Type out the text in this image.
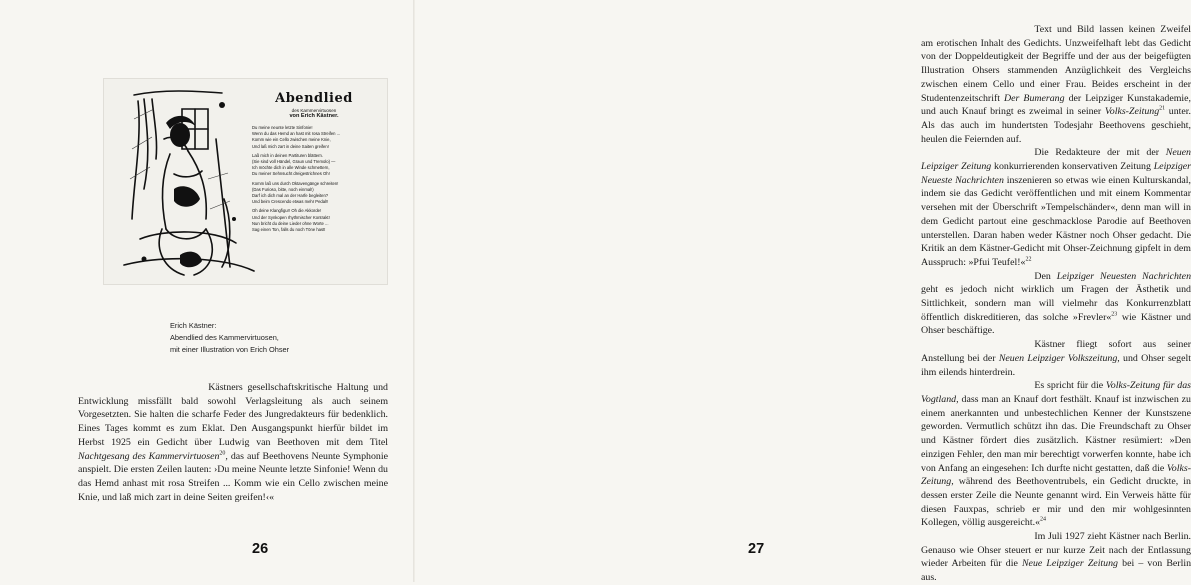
Abendlied
des Kammervirtuosen
von Erich Kästner.
Du meine neunte letzte Sinfonie!
Wenn du das Hemd an hast mit rosa Streifen ...
Komm wie ein Cello zwischen meine Knie,
Und laß mich zart in deine Saiten greifen!
Laß mich in deinen Partituren blättern.
(Sie sind voll Händel, Graun und Tremolo) —
Ich möchte dich in alle Winde schmettern,
Du meiner Sehnsucht dreigestrichnes Oh!
Komm laß uns durch Oktavengänge schreiten!
(Das Furioso, bitte, noch einmal!)
Darf ich dich mal an der Harfe begleiten?
Und beim Crescendo etwas mehr Pedal!!
Oh deine Klangfigur! Oh die Akkorde!
Und der Synkopen rhythmischer Kontrakt!
Nun bricht du deine Lieder ohne Worte ...
Sag einen Ton, falls du noch Töne hast!
Erich Kästner:
Abendlied des Kammervirtuosen,
mit einer Illustration von Erich Ohser

Kästners gesellschaftskritische Haltung und Entwicklung missfällt bald sowohl Verlagsleitung als auch seinem Vorgesetzten. Sie halten die scharfe Feder des Jungredakteurs für bedenklich. Eines Tages kommt es zum Eklat. Den Ausgangspunkt hierfür bildet im Herbst 1925 ein Gedicht über Ludwig van Beethoven mit dem Titel Nachtgesang des Kammervirtuosen$^{20}$, das auf Beethovens Neunte Symphonie anspielt. Die ersten Zeilen lauten: ›Du meine Neunte letzte Sinfonie! Wenn du das Hemd anhast mit rosa Streifen ... Komm wie ein Cello zwischen meine Knie, und laß mich zart in deine Seiten greifen!‹«

26

Text und Bild lassen keinen Zweifel am erotischen Inhalt des Gedichts. Unzweifelhaft lebt das Gedicht von der Doppeldeutigkeit der Begriffe und der aus der beigefügten Illustration Ohsers stammenden Anzüglichkeit des Vergleichs zwischen einem Cello und einer Frau. Beides erscheint in der Studentenzeitschrift Der Bumerang der Leipziger Kunstakademie, und auch Knauf bringt es zweimal in seiner Volks-Zeitung$^{21}$ unter. Als das auch im hundertsten Todesjahr Beethovens geschieht, heulen die Feiernden auf.

Die Redakteure der mit der Neuen Leipziger Zeitung konkurrierenden konservativen Zeitung Leipziger Neueste Nachrichten inszenieren so etwas wie einen Kulturskandal, indem sie das Gedicht veröffentlichen und mit einem Kommentar versehen mit der Überschrift »Tempelschänder«, denn man will in dem Gedicht partout eine geschmacklose Parodie auf Beethoven unterstellen. Daran haben weder Kästner noch Ohser gedacht. Die Kritik an dem Kästner-Gedicht mit Ohser-Zeichnung gipfelt in dem Ausspruch: »Pfui Teufel!«$^{22}$

Den Leipziger Neuesten Nachrichten geht es jedoch nicht wirklich um Fragen der Ästhetik und Sittlichkeit, sondern man will vielmehr das Konkurrenzblatt öffentlich diskreditieren, das solche »Frevler«$^{23}$ wie Kästner und Ohser beschäftige.

Kästner fliegt sofort aus seiner Anstellung bei der Neuen Leipziger Volkszeitung, und Ohser segelt ihm eilends hinterdrein.

Es spricht für die Volks-Zeitung für das Vogtland, dass man an Knauf dort festhält. Knauf ist inzwischen zu einem anerkannten und unbestechlichen Kenner der Kunstszene geworden. Vermutlich schützt ihn das. Die Freundschaft zu Ohser und Kästner fördert dies zusätzlich. Kästner resümiert: »Den einzigen Fehler, den man mir berechtigt vorwerfen konnte, habe ich von Anfang an eingesehen: Ich durfte nicht gestatten, daß die Volks-Zeitung, während des Beethoventrubels, ein Gedicht druckte, in dessen erster Zeile die Neunte genannt wird. Ein Verweis hätte für diesen Fauxpas, schrieb er mir und den mir wohlgesinnten Kollegen, völlig ausgereicht.«$^{24}$

Im Juli 1927 zieht Kästner nach Berlin. Genauso wie Ohser steuert er nur kurze Zeit nach der Entlassung wieder Arbeiten für die Neue Leipziger Zeitung bei – von Berlin aus.

27
